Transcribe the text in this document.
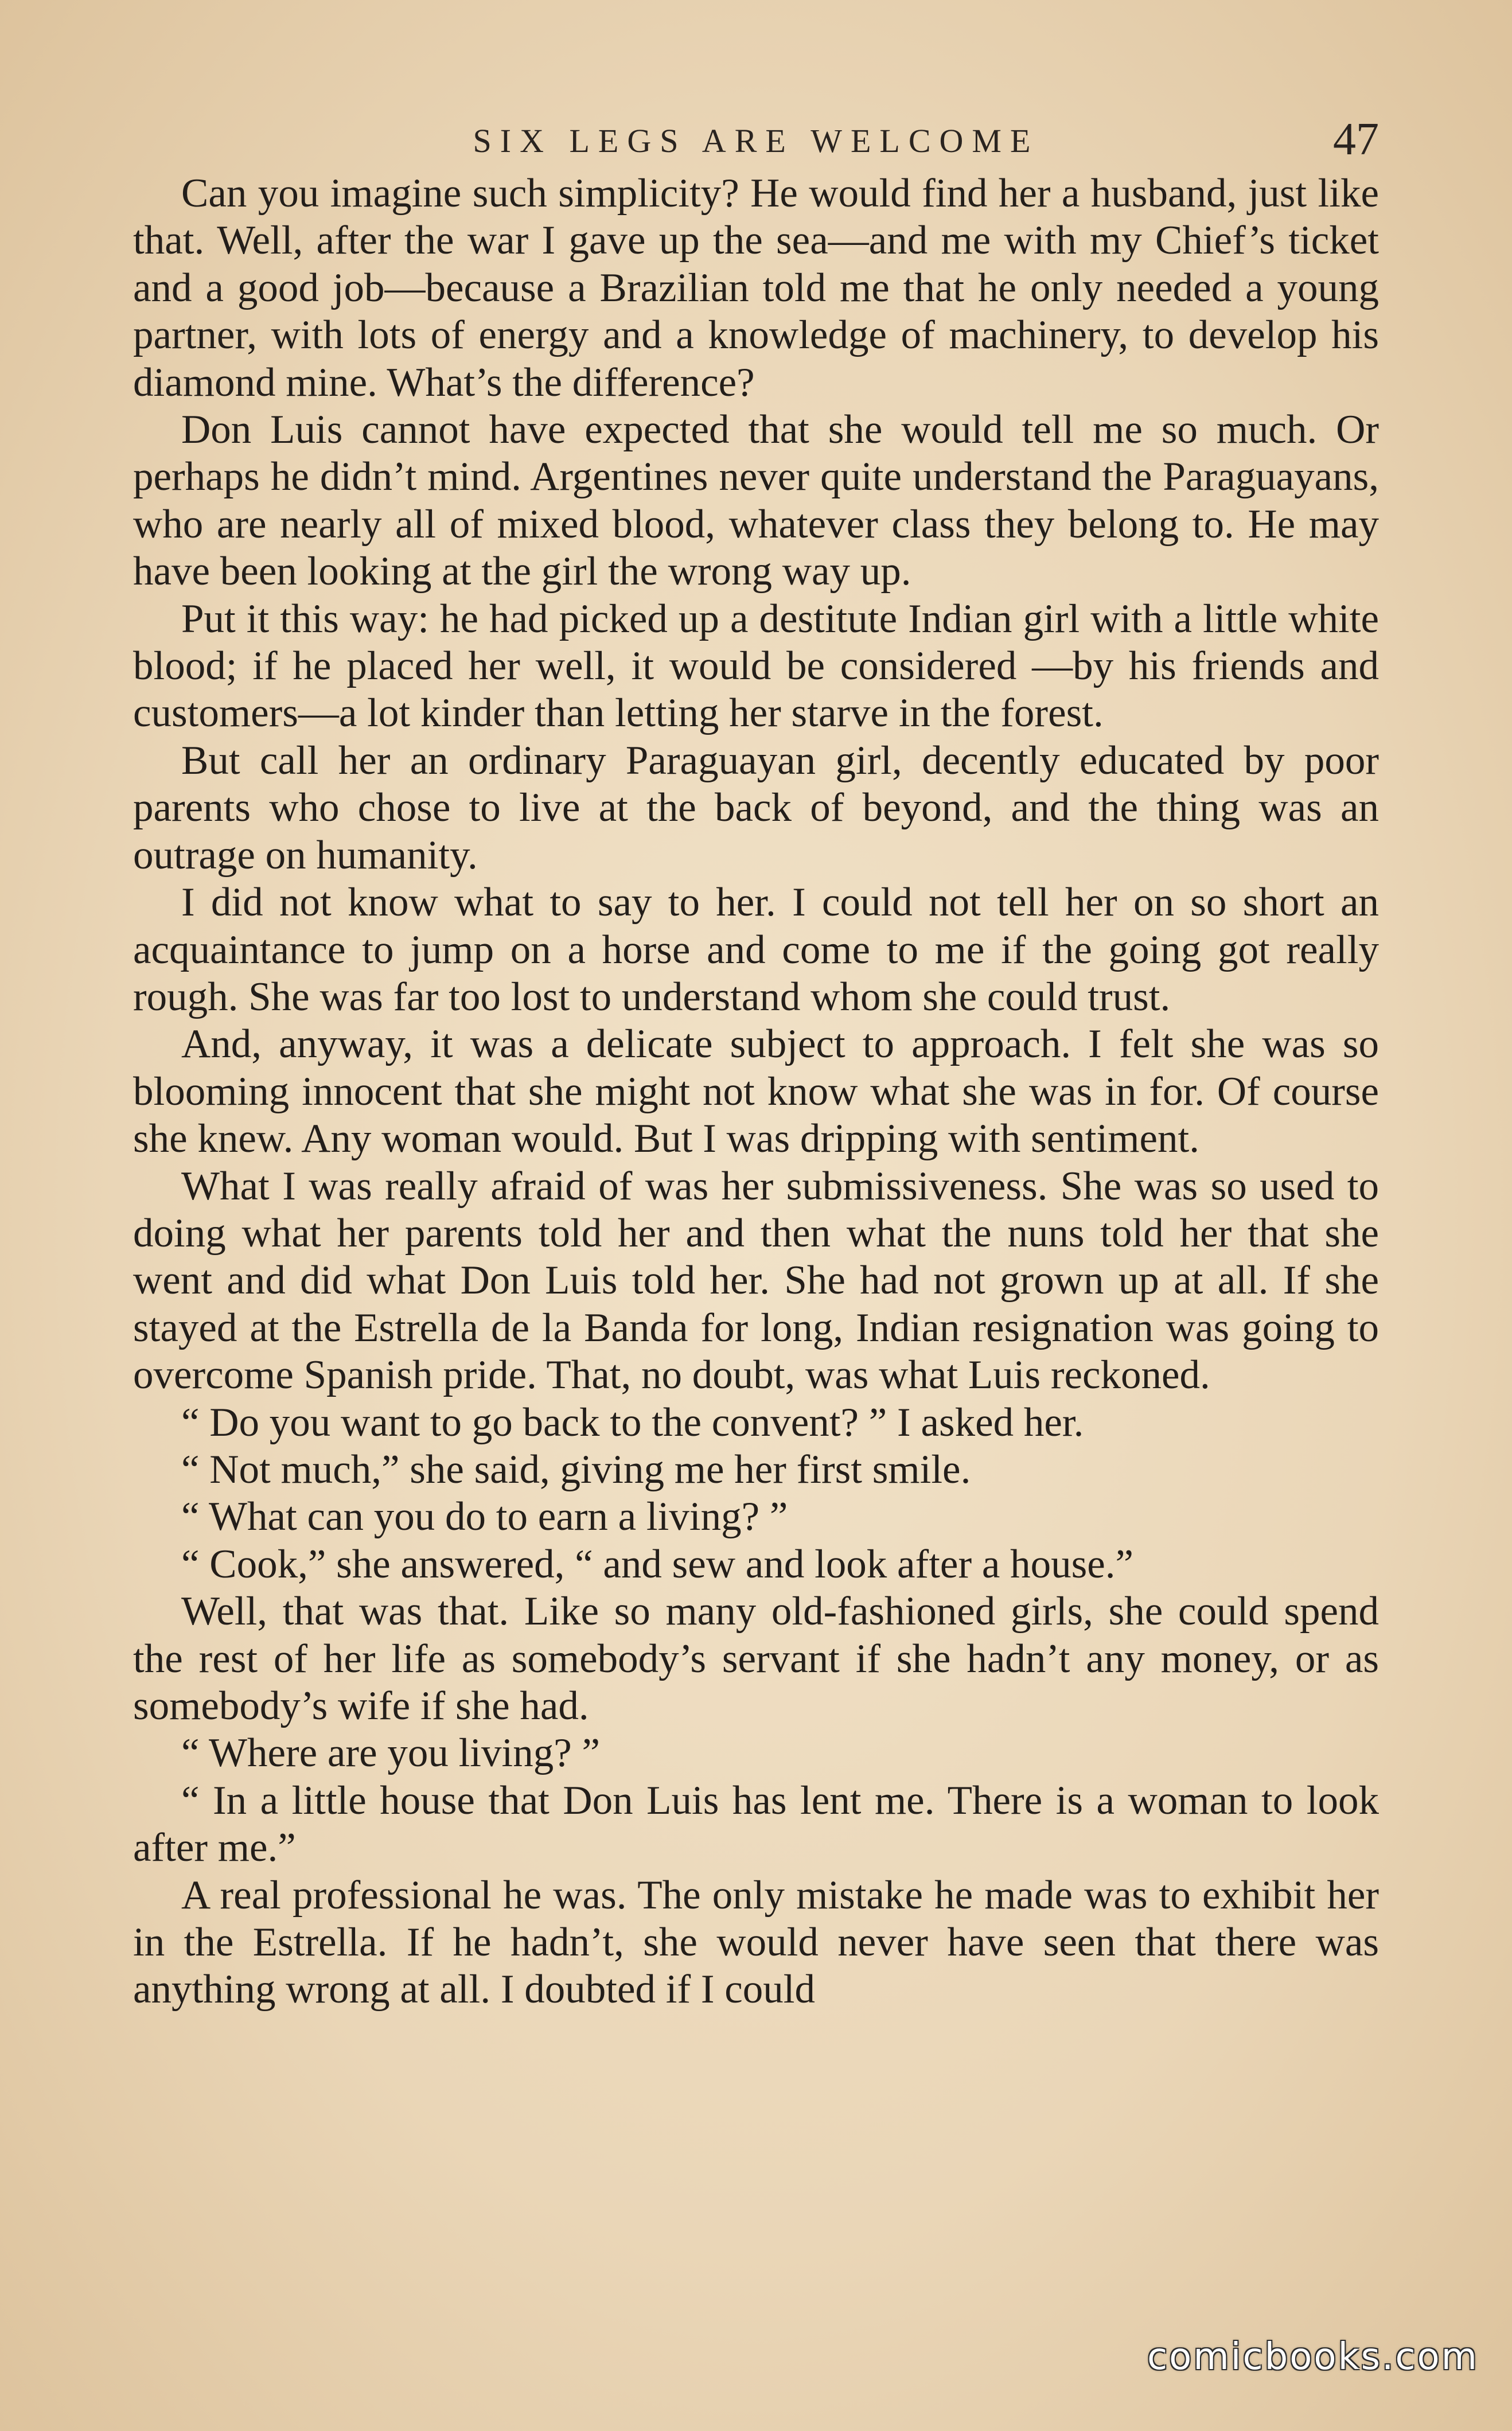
SIX LEGS ARE WELCOME	47

Can you imagine such simplicity? He would find her a husband, just like that. Well, after the war I gave up the sea—and me with my Chief’s ticket and a good job—because a Brazilian told me that he only needed a young partner, with lots of energy and a knowledge of machinery, to develop his diamond mine. What’s the difference?

Don Luis cannot have expected that she would tell me so much. Or perhaps he didn’t mind. Argentines never quite understand the Paraguayans, who are nearly all of mixed blood, whatever class they belong to. He may have been looking at the girl the wrong way up.

Put it this way: he had picked up a destitute Indian girl with a little white blood; if he placed her well, it would be considered —by his friends and customers—a lot kinder than letting her starve in the forest.

But call her an ordinary Paraguayan girl, decently educated by poor parents who chose to live at the back of beyond, and the thing was an outrage on humanity.

I did not know what to say to her. I could not tell her on so short an acquaintance to jump on a horse and come to me if the going got really rough. She was far too lost to understand whom she could trust.

And, anyway, it was a delicate subject to approach. I felt she was so blooming innocent that she might not know what she was in for. Of course she knew. Any woman would. But I was dripping with sentiment.

What I was really afraid of was her submissiveness. She was so used to doing what her parents told her and then what the nuns told her that she went and did what Don Luis told her. She had not grown up at all. If she stayed at the Estrella de la Banda for long, Indian resignation was going to overcome Spanish pride. That, no doubt, was what Luis reckoned.

“ Do you want to go back to the convent? ” I asked her.

“ Not much,” she said, giving me her first smile.

“ What can you do to earn a living? ”

“ Cook,” she answered, “ and sew and look after a house.”

Well, that was that. Like so many old-fashioned girls, she could spend the rest of her life as somebody’s servant if she hadn’t any money, or as somebody’s wife if she had.

“ Where are you living? ”

“ In a little house that Don Luis has lent me. There is a woman to look after me.”

A real professional he was. The only mistake he made was to exhibit her in the Estrella. If he hadn’t, she would never have seen that there was anything wrong at all. I doubted if I could

comicbooks.com
